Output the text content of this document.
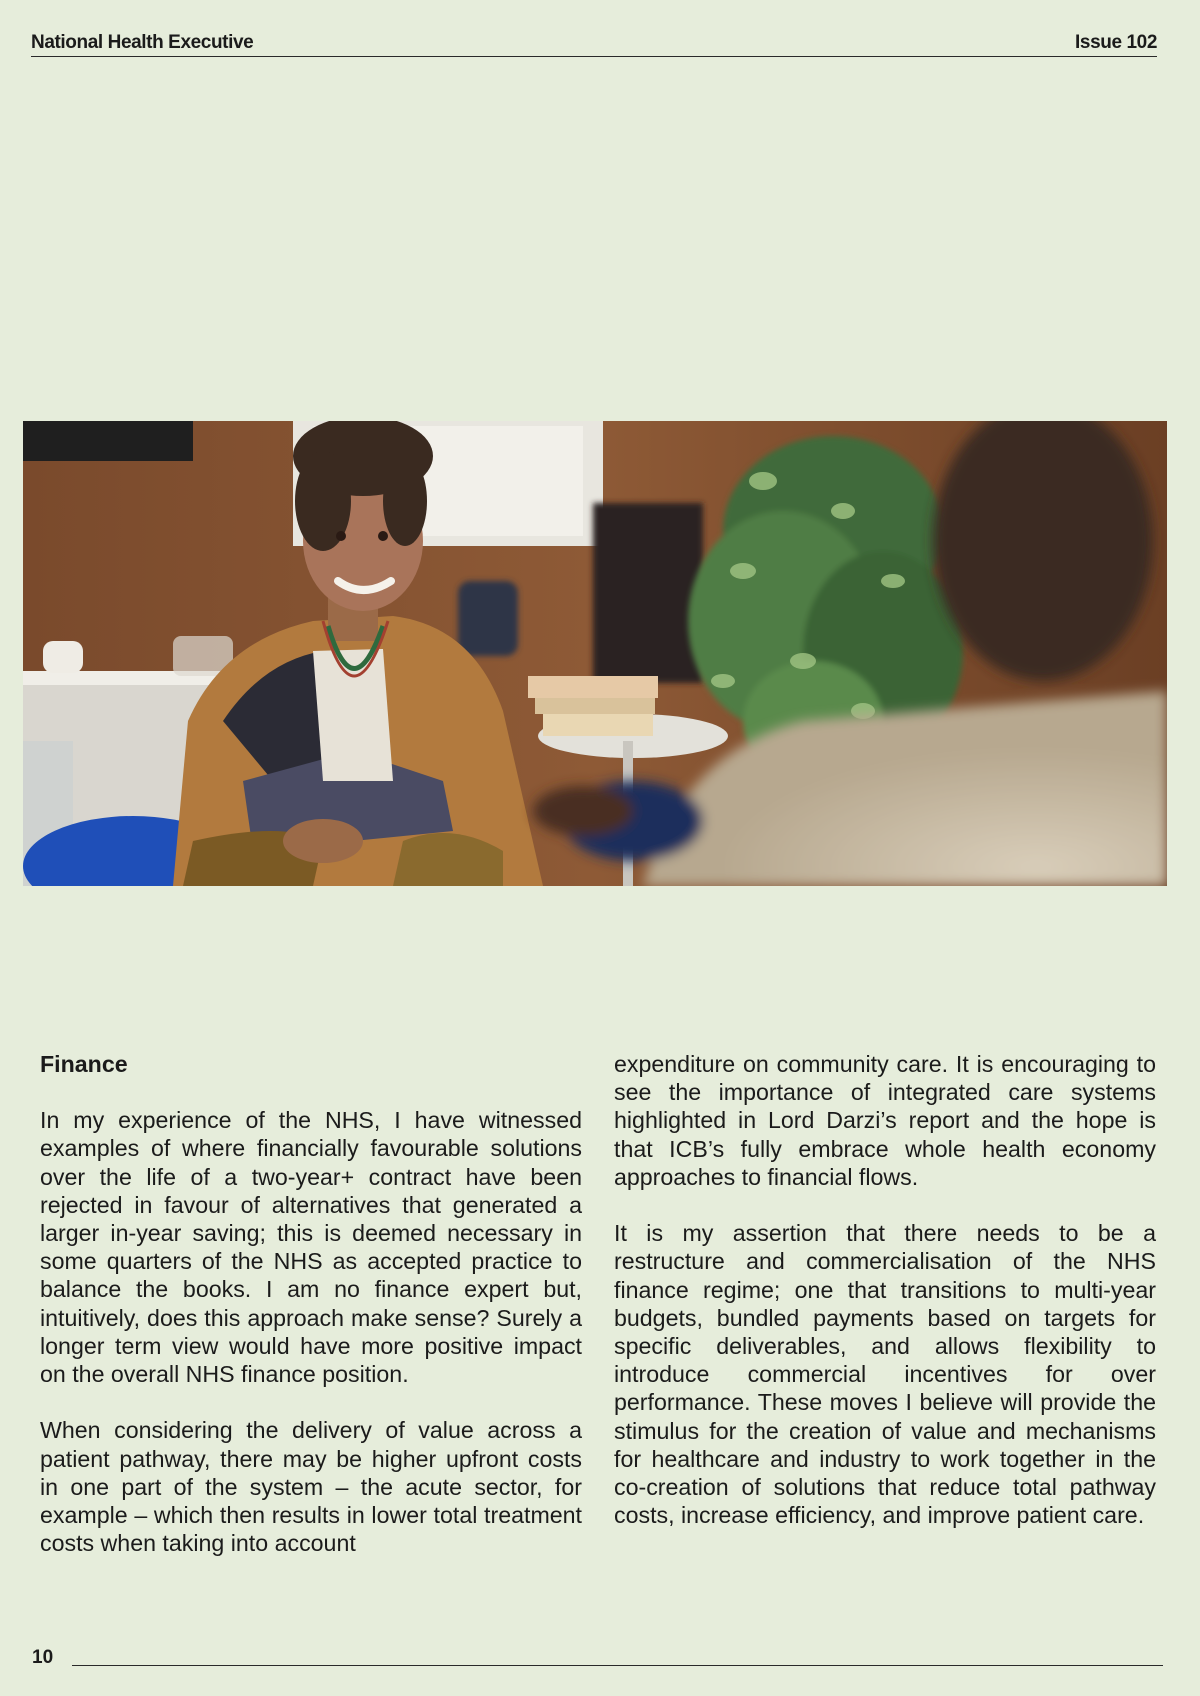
National Health Executive	Issue 102
Finance

In my experience of the NHS, I have witnessed examples of where financially favourable solutions over the life of a two-year+ contract have been rejected in favour of alternatives that generated a larger in-year saving; this is deemed necessary in some quarters of the NHS as accepted practice to balance the books. I am no finance expert but, intuitively, does this approach make sense? Surely a longer term view would have more positive impact on the overall NHS finance position.

When considering the delivery of value across a patient pathway, there may be higher upfront costs in one part of the system – the acute sector, for example – which then results in lower total treatment costs when taking into account

expenditure on community care. It is encouraging to see the importance of integrated care systems highlighted in Lord Darzi’s report and the hope is that ICB’s fully embrace whole health economy approaches to financial flows.

It is my assertion that there needs to be a restructure and commercialisation of the NHS finance regime; one that transitions to multi-year budgets, bundled payments based on targets for specific deliverables, and allows flexibility to introduce commercial incentives for over performance. These moves I believe will provide the stimulus for the creation of value and mechanisms for healthcare and industry to work together in the co-creation of solutions that reduce total pathway costs, increase efficiency, and improve patient care.

10
